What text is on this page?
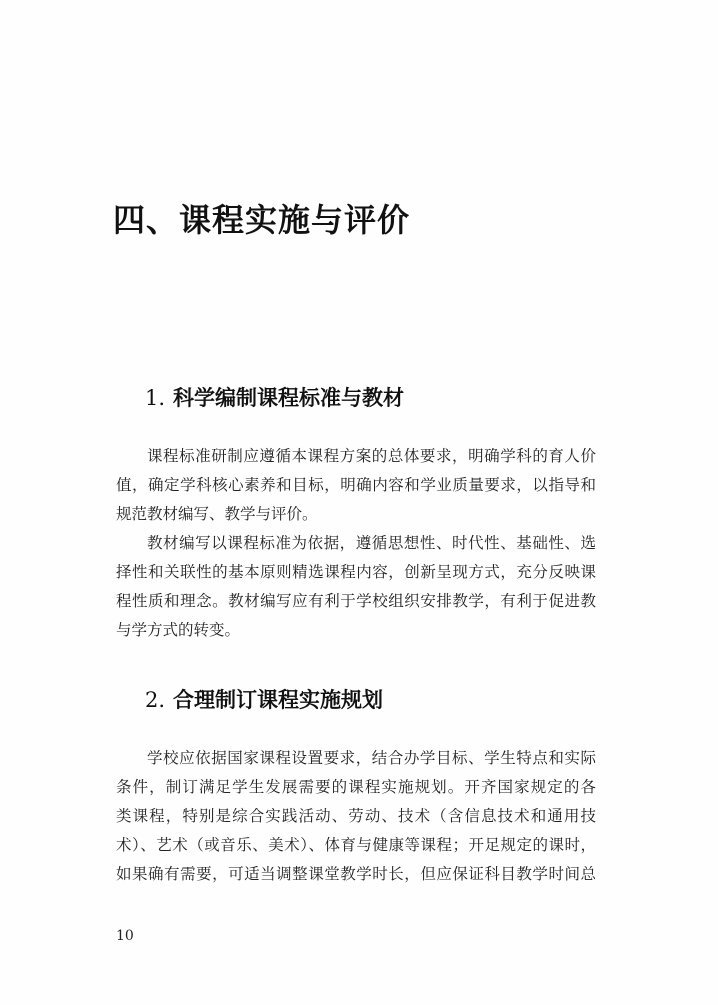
四、课程实施与评价
1. 科学编制课程标准与教材
课程标准研制应遵循本课程方案的总体要求，明确学科的育人价
值，确定学科核心素养和目标，明确内容和学业质量要求，以指导和
规范教材编写、教学与评价。
教材编写以课程标准为依据，遵循思想性、时代性、基础性、选
择性和关联性的基本原则精选课程内容，创新呈现方式，充分反映课
程性质和理念。教材编写应有利于学校组织安排教学，有利于促进教
与学方式的转变。
2. 合理制订课程实施规划
学校应依据国家课程设置要求，结合办学目标、学生特点和实际
条件，制订满足学生发展需要的课程实施规划。开齐国家规定的各
类课程，特别是综合实践活动、劳动、技术（含信息技术和通用技
术）、艺术（或音乐、美术）、体育与健康等课程；开足规定的课时，
如果确有需要，可适当调整课堂教学时长，但应保证科目教学时间总
10
